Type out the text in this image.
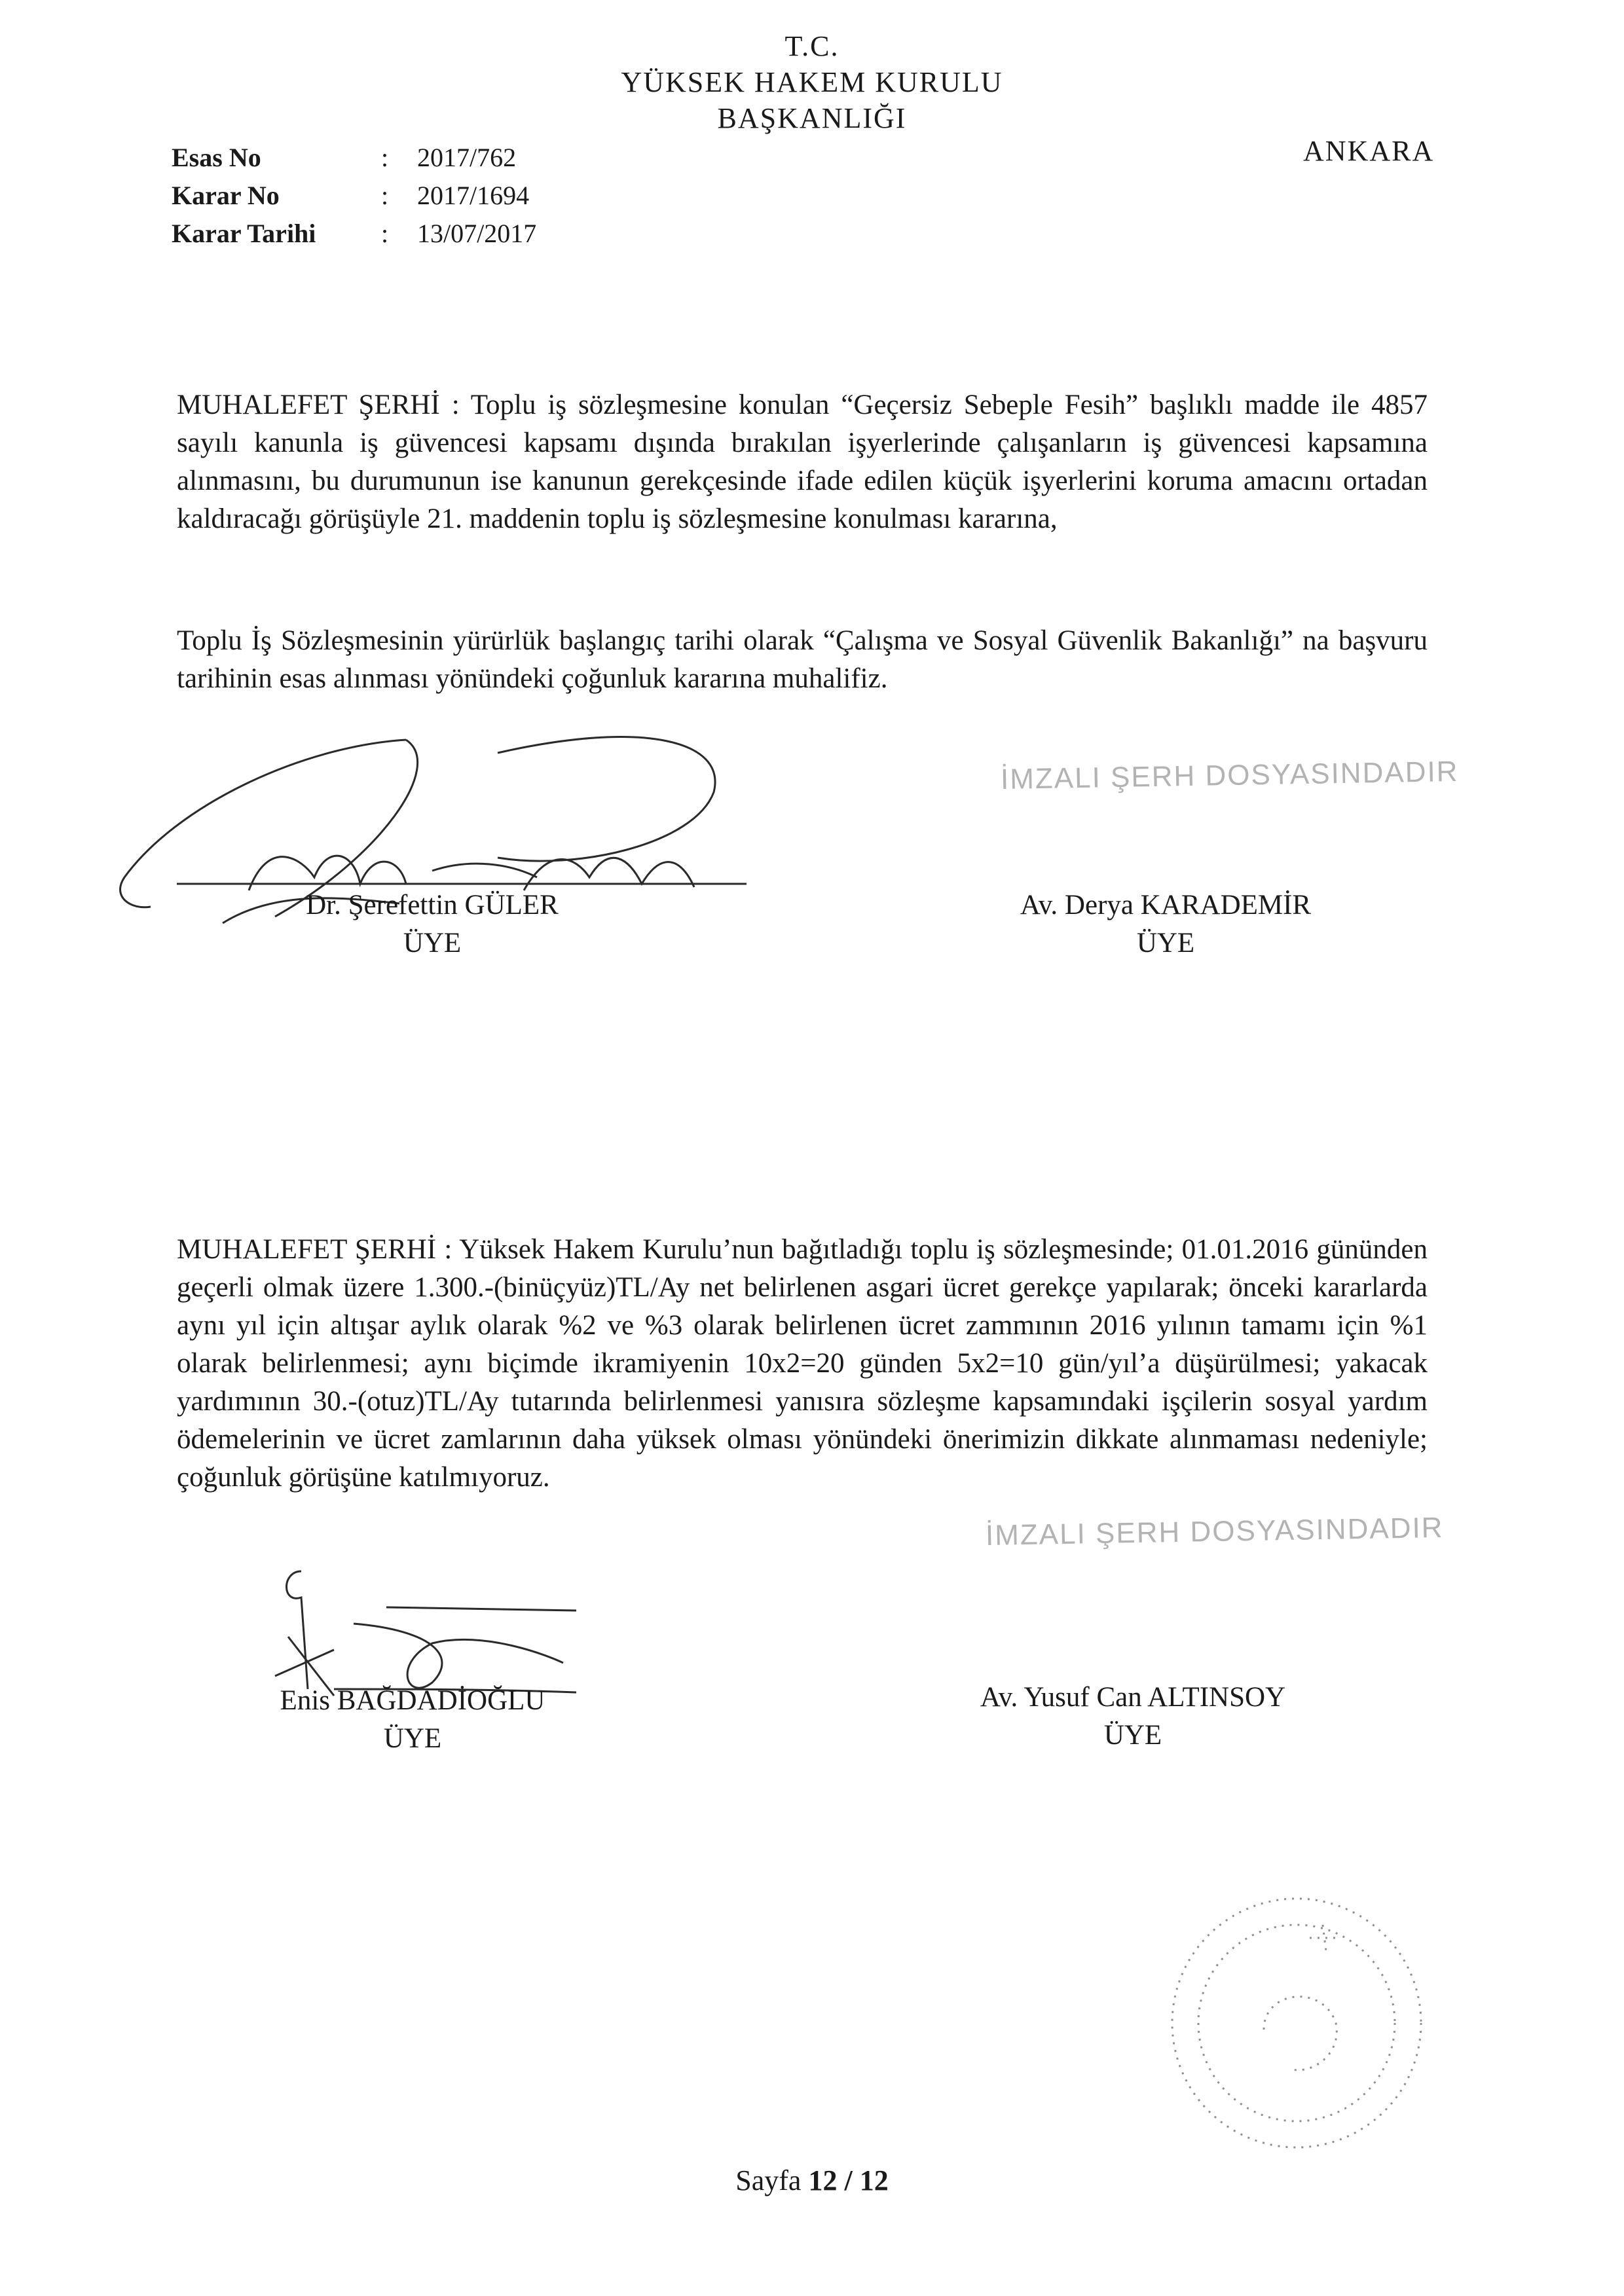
T.C.
YÜKSEK HAKEM KURULU
BAŞKANLIĞI
ANKARA
Esas No	: 2017/762
Karar No	: 2017/1694
Karar Tarihi : 13/07/2017
MUHALEFET ŞERHİ : Toplu iş sözleşmesine konulan “Geçersiz Sebeple Fesih” başlıklı madde ile 4857 sayılı kanunla iş güvencesi kapsamı dışında bırakılan işyerlerinde çalışanların iş güvencesi kapsamına alınmasını, bu durumunun ise kanunun gerekçesinde ifade edilen küçük işyerlerini koruma amacını ortadan kaldıracağı görüşüyle 21. maddenin toplu iş sözleşmesine konulması kararına,
Toplu İş Sözleşmesinin yürürlük başlangıç tarihi olarak “Çalışma ve Sosyal Güvenlik Bakanlığı” na başvuru tarihinin esas alınması yönündeki çoğunluk kararına muhalifiz.
Dr. Şerefettin GÜLER
ÜYE
İMZALI ŞERH DOSYASINDADIR
Av. Derya KARADEMİR
ÜYE
MUHALEFET ŞERHİ : Yüksek Hakem Kurulu’nun bağıtladığı toplu iş sözleşmesinde; 01.01.2016 gününden geçerli olmak üzere 1.300.-(binüçyüz)TL/Ay net belirlenen asgari ücret gerekçe yapılarak; önceki kararlarda aynı yıl için altışar aylık olarak %2 ve %3 olarak belirlenen ücret zammının 2016 yılının tamamı için %1 olarak belirlenmesi; aynı biçimde ikramiyenin 10x2=20 günden 5x2=10 gün/yıl’a düşürülmesi; yakacak yardımının 30.-(otuz)TL/Ay tutarında belirlenmesi yanısıra sözleşme kapsamındaki işçilerin sosyal yardım ödemelerinin ve ücret zamlarının daha yüksek olması yönündeki önerimizin dikkate alınmaması nedeniyle; çoğunluk görüşüne katılmıyoruz.
İMZALI ŞERH DOSYASINDADIR
Enis BAĞDADİOĞLU
ÜYE
Av. Yusuf Can ALTINSOY
ÜYE
Sayfa 12 / 12
